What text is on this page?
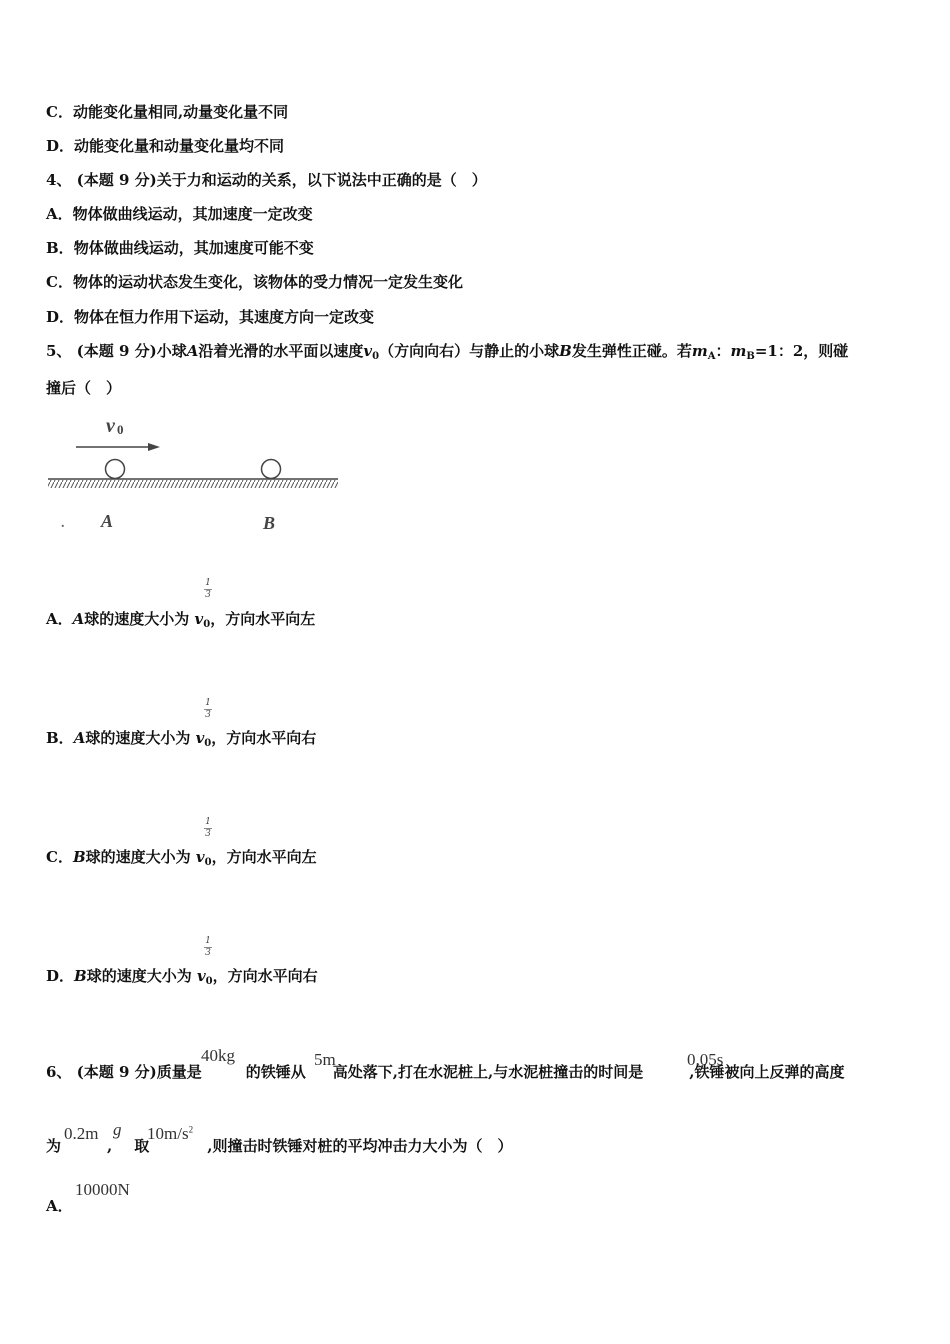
C．动能变化量相同,动量变化量不同
D．动能变化量和动量变化量均不同
4、 (本题 9 分)关于力和运动的关系，以下说法中正确的是（　）
A．物体做曲线运动，其加速度一定改变
B．物体做曲线运动，其加速度可能不变
C．物体的运动状态发生变化，该物体的受力情况一定发生变化
D．物体在恒力作用下运动，其速度方向一定改变
5、 (本题 9 分)小球A沿着光滑的水平面以速度$v_0$（方向向右）与静止的小球B发生弹性正碰。若$m_A$：$m_B=1$：2，则碰
撞后（　）
v 0
. A	B
1
3
A．A球的速度大小为 $v_0$，方向水平向左
1
3
B．A球的速度大小为 $v_0$，方向水平向右
1
3
C．B球的速度大小为 $v_0$，方向水平向左
1
3
D．B球的速度大小为 $v_0$，方向水平向右
6、 (本题 9 分)质量是	的铁锤从 高处落下,打在水泥桩上,与水泥桩撞击的时间是	,铁锤被向上反弹的高度
40kg	5m	0.05s
为	, 取	,则撞击时铁锤对桩的平均冲击力大小为（　）
0.2m g $10m/s^2$
A．
10000N
